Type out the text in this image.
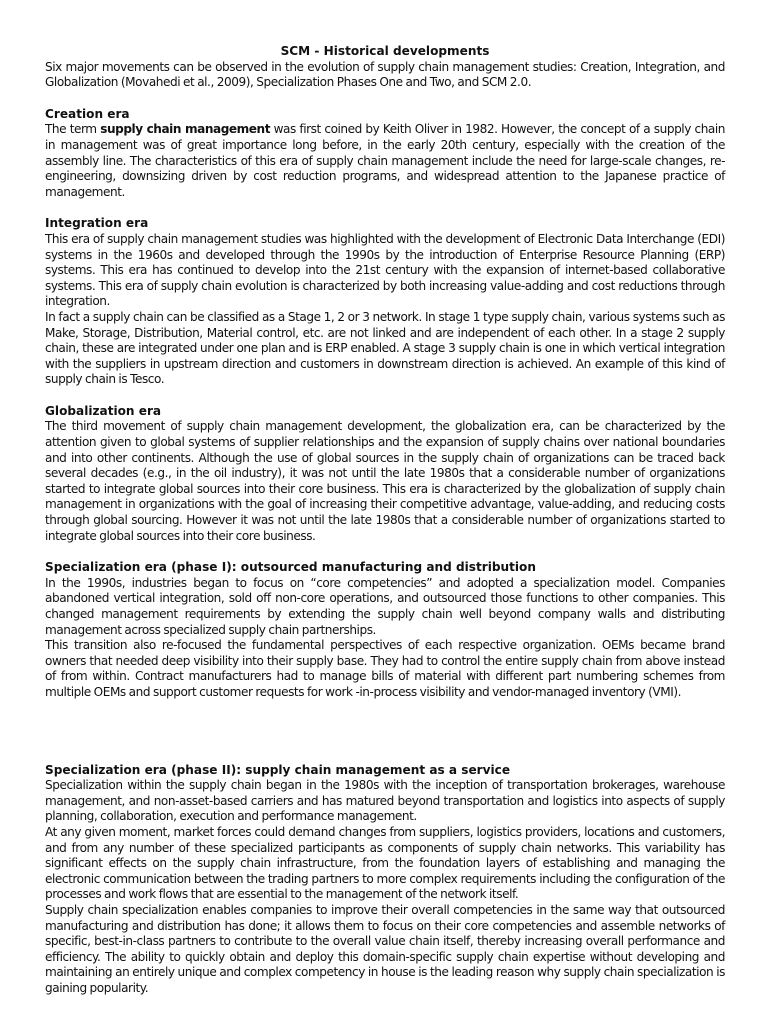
SCM - Historical developments

Six major movements can be observed in the evolution of supply chain management studies: Creation, Integration, and Globalization (Movahedi et al., 2009), Specialization Phases One and Two, and SCM 2.0.

Creation era

The term supply chain management was first coined by Keith Oliver in 1982. However, the concept of a supply chain in management was of great importance long before, in the early 20th century, especially with the creation of the assembly line. The characteristics of this era of supply chain management include the need for large-scale changes, re-engineering, downsizing driven by cost reduction programs, and widespread attention to the Japanese practice of management.

Integration era

This era of supply chain management studies was highlighted with the development of Electronic Data Interchange (EDI) systems in the 1960s and developed through the 1990s by the introduction of Enterprise Resource Planning (ERP) systems. This era has continued to develop into the 21st century with the expansion of internet-based collaborative systems. This era of supply chain evolution is characterized by both increasing value-adding and cost reductions through integration.

In fact a supply chain can be classified as a Stage 1, 2 or 3 network. In stage 1 type supply chain, various systems such as Make, Storage, Distribution, Material control, etc. are not linked and are independent of each other. In a stage 2 supply chain, these are integrated under one plan and is ERP enabled. A stage 3 supply chain is one in which vertical integration with the suppliers in upstream direction and customers in downstream direction is achieved. An example of this kind of supply chain is Tesco.

Globalization era

The third movement of supply chain management development, the globalization era, can be characterized by the attention given to global systems of supplier relationships and the expansion of supply chains over national boundaries and into other continents. Although the use of global sources in the supply chain of organizations can be traced back several decades (e.g., in the oil industry), it was not until the late 1980s that a considerable number of organizations started to integrate global sources into their core business. This era is characterized by the globalization of supply chain management in organizations with the goal of increasing their competitive advantage, value-adding, and reducing costs through global sourcing. However it was not until the late 1980s that a considerable number of organizations started to integrate global sources into their core business.

Specialization era (phase I): outsourced manufacturing and distribution

In the 1990s, industries began to focus on “core competencies” and adopted a specialization model. Companies abandoned vertical integration, sold off non-core operations, and outsourced those functions to other companies. This changed management requirements by extending the supply chain well beyond company walls and distributing management across specialized supply chain partnerships.

This transition also re-focused the fundamental perspectives of each respective organization. OEMs became brand owners that needed deep visibility into their supply base. They had to control the entire supply chain from above instead of from within. Contract manufacturers had to manage bills of material with different part numbering schemes from multiple OEMs and support customer requests for work -in-process visibility and vendor-managed inventory (VMI).

Specialization era (phase II): supply chain management as a service

Specialization within the supply chain began in the 1980s with the inception of transportation brokerages, warehouse management, and non-asset-based carriers and has matured beyond transportation and logistics into aspects of supply planning, collaboration, execution and performance management.

At any given moment, market forces could demand changes from suppliers, logistics providers, locations and customers, and from any number of these specialized participants as components of supply chain networks. This variability has significant effects on the supply chain infrastructure, from the foundation layers of establishing and managing the electronic communication between the trading partners to more complex requirements including the configuration of the processes and work flows that are essential to the management of the network itself.

Supply chain specialization enables companies to improve their overall competencies in the same way that outsourced manufacturing and distribution has done; it allows them to focus on their core competencies and assemble networks of specific, best-in-class partners to contribute to the overall value chain itself, thereby increasing overall performance and efficiency. The ability to quickly obtain and deploy this domain-specific supply chain expertise without developing and maintaining an entirely unique and complex competency in house is the leading reason why supply chain specialization is gaining popularity.
